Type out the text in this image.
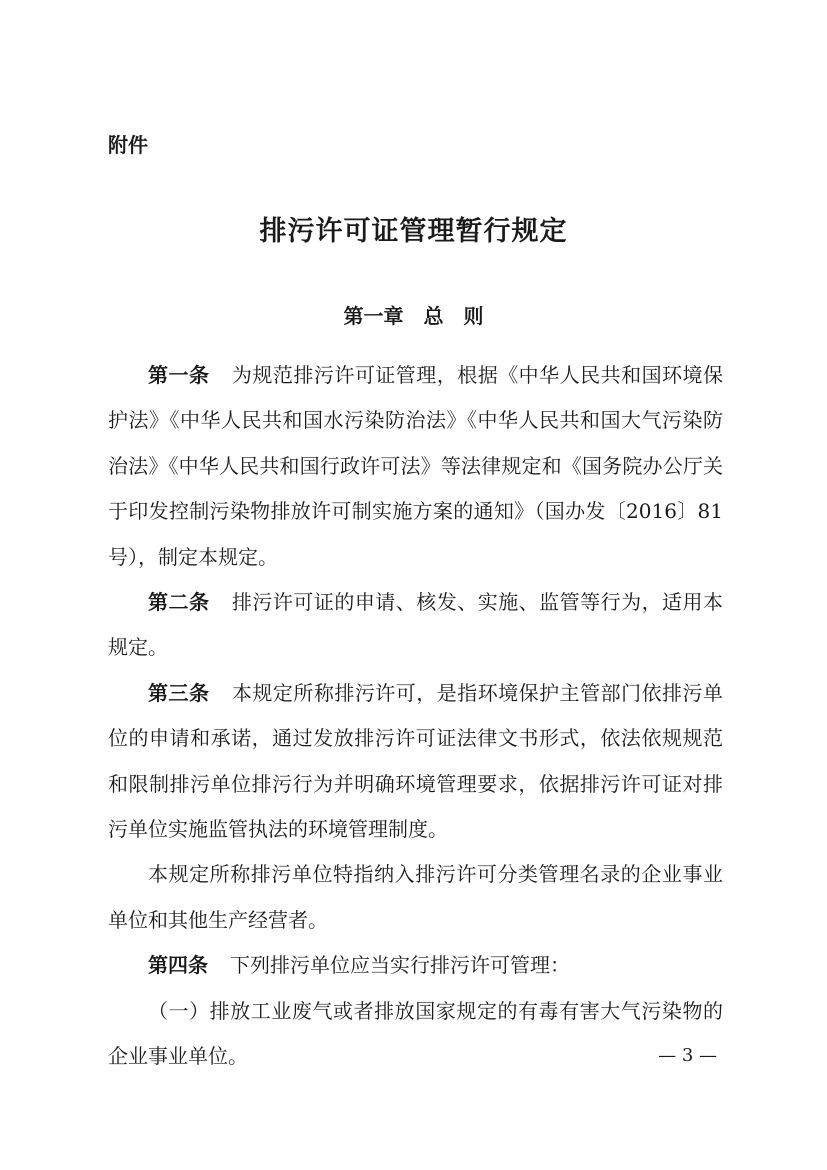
附件
排污许可证管理暂行规定
第一章　总　则

第一条 为规范排污许可证管理，根据《中华人民共和国环境保护法》《中华人民共和国水污染防治法》《中华人民共和国大气污染防治法》《中华人民共和国行政许可法》等法律规定和《国务院办公厅关于印发控制污染物排放许可制实施方案的通知》（国办发〔2016〕81号），制定本规定。

第二条 排污许可证的申请、核发、实施、监管等行为，适用本规定。

第三条 本规定所称排污许可，是指环境保护主管部门依排污单位的申请和承诺，通过发放排污许可证法律文书形式，依法依规规范和限制排污单位排污行为并明确环境管理要求，依据排污许可证对排污单位实施监管执法的环境管理制度。

本规定所称排污单位特指纳入排污许可分类管理名录的企业事业单位和其他生产经营者。

第四条 下列排污单位应当实行排污许可管理：

（一）排放工业废气或者排放国家规定的有毒有害大气污染物的企业事业单位。	— 3 —
